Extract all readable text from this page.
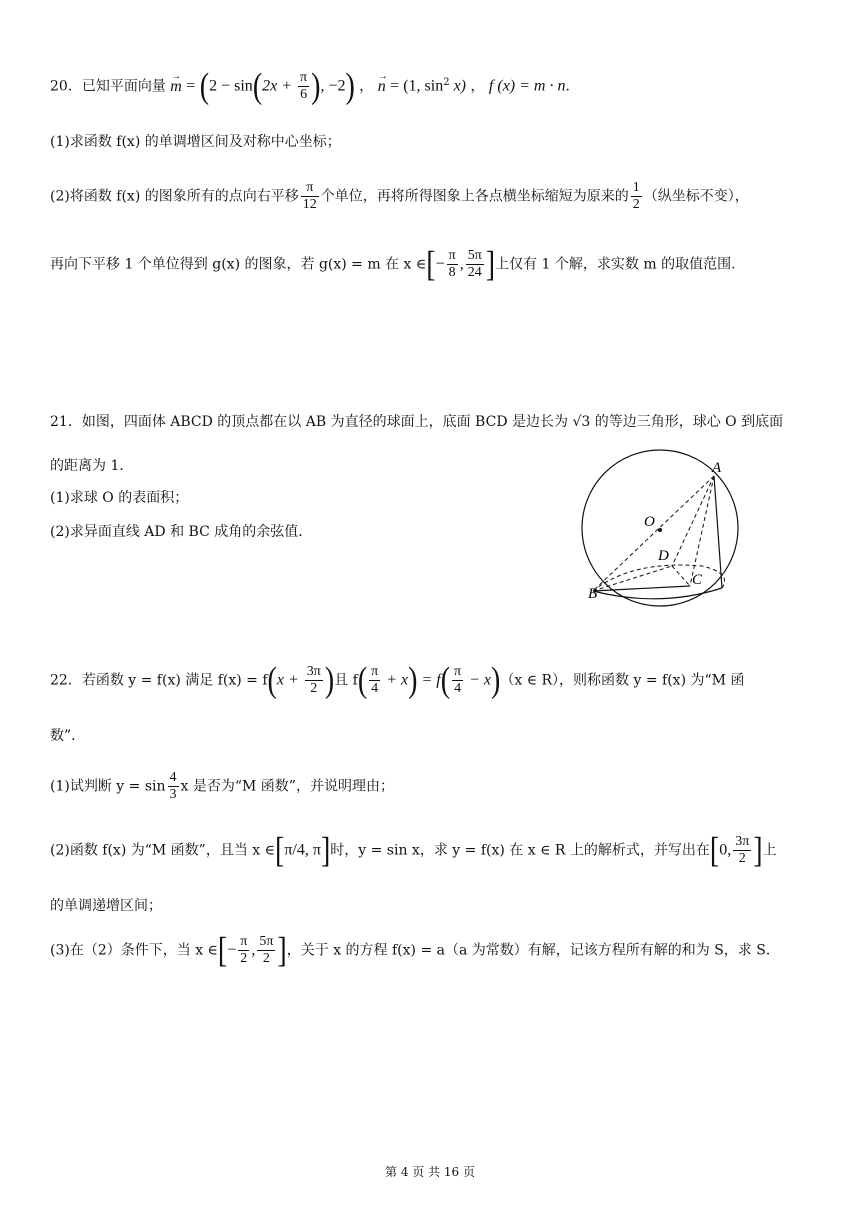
20．已知平面向量 → $m = (2 - \sin(2x + \frac{\pi}{6}$ ), −2) ， → n = (1, $\sin^2 x$) ， f (x) = m · n．
(1)求函数 f(x) 的单调增区间及对称中心坐标；
(2)将函数 f(x) 的图象所有的点向右平移 $\frac{\pi}{12}$ 个单位，再将所得图象上各点横坐标缩短为原来的 $\frac{1}{2}$ （纵坐标不变），
再向下平移 1 个单位得到 g(x) 的图象，若 g(x) = m 在 x ∈[− $\frac{\pi}{8}$ , $\frac{5\pi}{24}$ ]上仅有 1 个解，求实数 m 的取值范围.
21．如图，四面体 ABCD 的顶点都在以 AB 为直径的球面上，底面 BCD 是边长为 √3 的等边三角形，球心 O 到底面
的距离为 1．
(1)求球 O 的表面积；
(2)求异面直线 AD 和 BC 成角的余弦值．
A
O
D
C
B
22．若函数 y = f(x) 满足 $f(x) = f(x + \frac{3\pi}{2}$ )且 $f( \frac{\pi}{4} + x) = f( \frac{\pi}{4} - x)(x$ ∈ R），则称函数 y = f(x) 为“M 函
数”．
(1)试判断 $y = \sin \frac{4}{3}$ x 是否为“M 函数”，并说明理由；
(2)函数 f(x) 为“M 函数”，且当 x ∈[π/4, π]时，y = sin x，求 y = f(x) 在 x ∈ R 上的解析式，并写出在[0, $\frac{3\pi}{2}$ ]上
的单调递增区间；
(3)在（2）条件下，当 x ∈[− $\frac{\pi}{2}$ , $\frac{5\pi}{2}$ ]，关于 x 的方程 f(x) = a（a 为常数）有解，记该方程所有解的和为 S，求 S．
第 4 页 共 16 页
